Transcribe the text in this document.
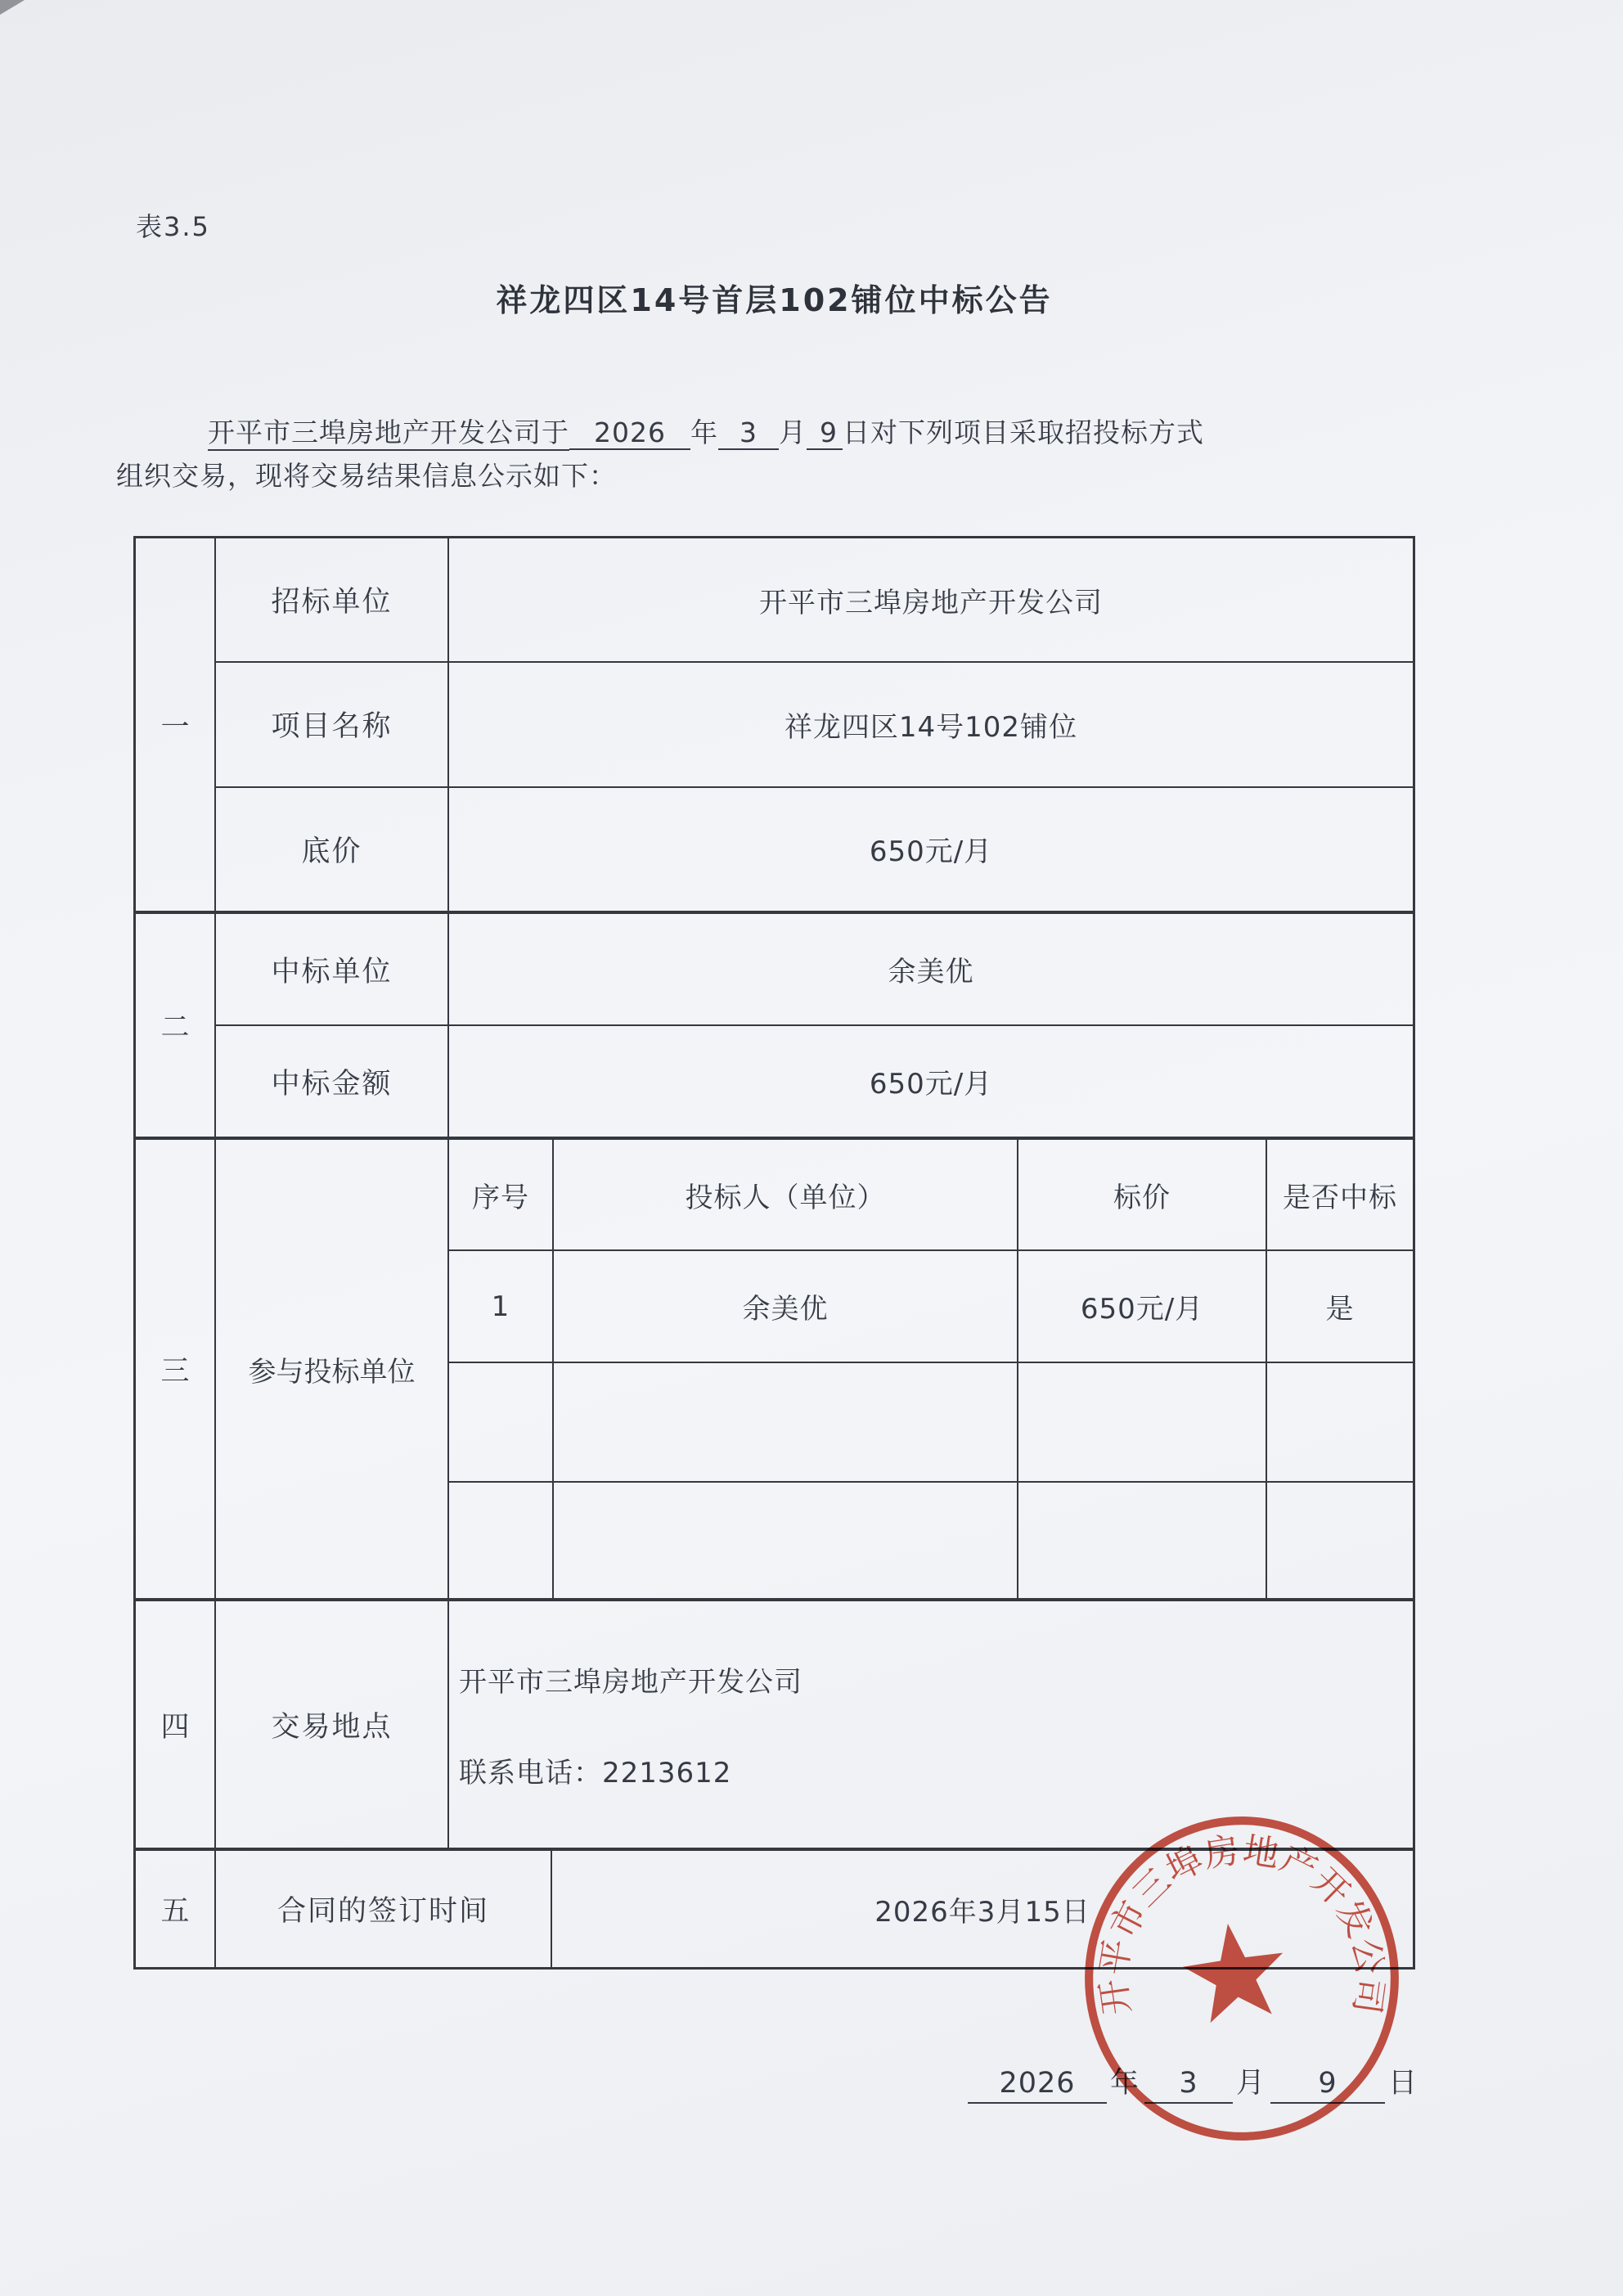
表3.5
祥龙四区14号首层102铺位中标公告

开平市三埠房地产开发公司于 2026 年 3 月 9 日对下列项目采取招投标方式
组织交易，现将交易结果信息公示如下：

一
招标单位	开平市三埠房地产开发公司
项目名称	祥龙四区14号102铺位
底价	650元/月
二
中标单位	余美优
中标金额	650元/月
三	参与投标单位
序号	投标人（单位）	标价	是否中标
1	余美优	650元/月	是
四	交易地点
开平市三埠房地产开发公司
联系电话：2213612
五	合同的签订时间	2026年3月15日
2026	年	3	月	9	日
开平市三埠房地产开发公司
